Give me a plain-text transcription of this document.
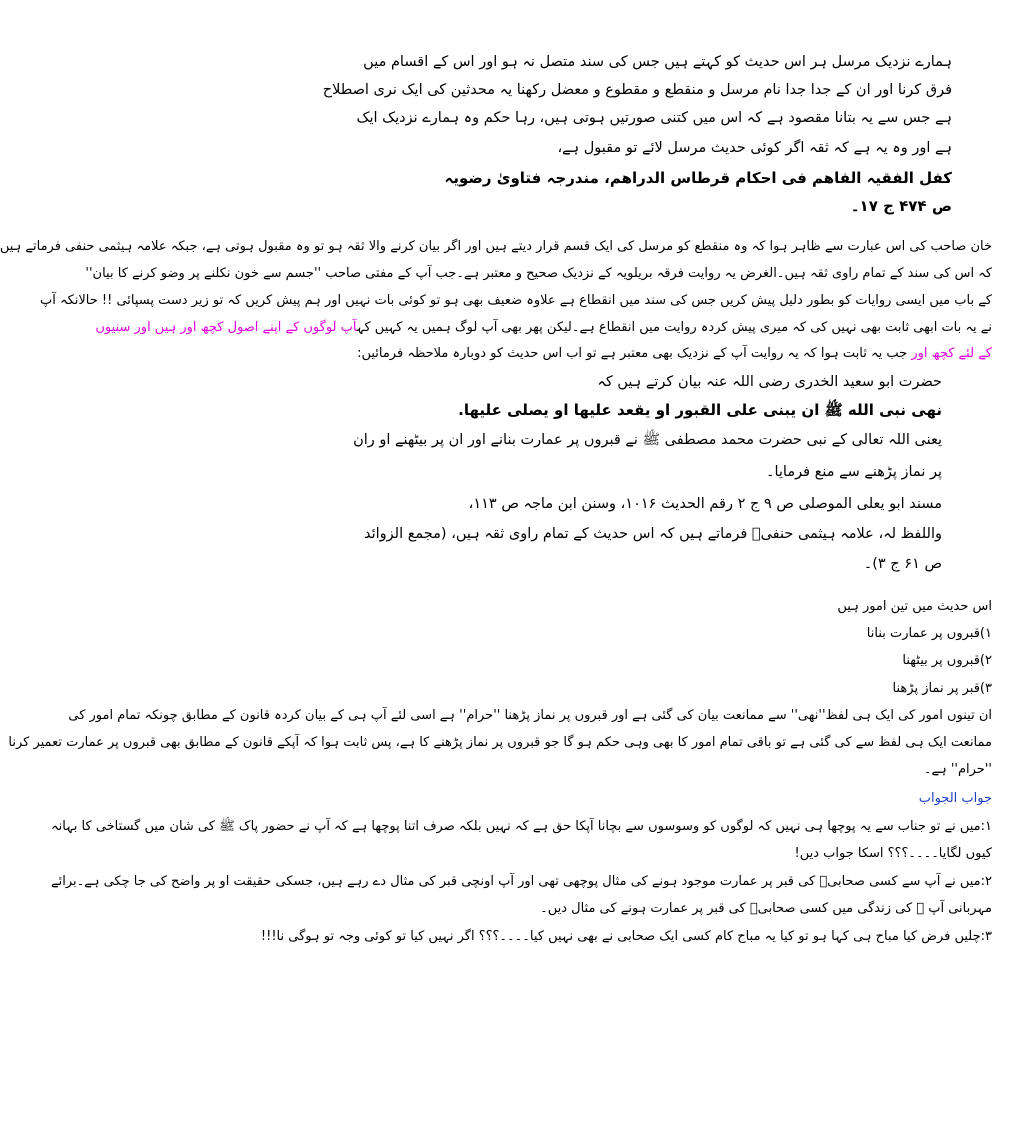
ہمارے نزدیک مرسل ہر اس حدیث کو کہتے ہیں جس کی سند متصل نہ ہو اور اس کے اقسام میں
فرق کرنا اور ان کے جدا جدا نام مرسل و منقطع و مقطوع و معضل رکھنا یہ محدثین کی ایک نری اصطلاح
ہے جس سے یہ بتانا مقصود ہے کہ اس میں کتنی صورتیں ہوتی ہیں، رہا حکم وہ ہمارے نزدیک ایک
ہے اور وہ یہ ہے کہ ثقہ اگر کوئی حدیث مرسل لائے تو مقبول ہے،
کفل الفقیہ الفاهم فی احکام قرطاس الدراهم، مندرجہ فتاویٰ رضویہ
ص ۴۷۴ ج ۱۷۔
خان صاحب کی اس عبارت سے ظاہر ہوا کہ وہ منقطع کو مرسل کی ایک قسم قرار دیتے ہیں اور اگر بیان کرنے والا ثقہ ہو تو وہ مقبول ہوتی ہے، جبکہ علامہ ہیثمی حنفی فرماتے ہیں
کہ اس کی سند کے تمام راوی ثقہ ہیں۔الغرض یہ روایت فرقہ بریلویہ کے نزدیک صحیح و معتبر ہے۔جب آپ کے مفتی صاحب ''جسم سے خون نکلنے پر وضو کرنے کا بیان''
کے باب میں ایسی روایات کو بطور دلیل پیش کریں جس کی سند میں انقطاع ہے علاوہ ضعیف بھی ہو تو کوئی بات نہیں اور ہم پیش کریں کہ تو زیر دست پسپائی !! حالانکہ آپ
نے یہ بات ابھی ثابت بھی نہیں کی کہ میری پیش کردہ روایت میں انقطاع ہے۔لیکن پھر بھی آپ لوگ ہمیں یہ کہیں کہآپ لوگوں کے اپنے اصول کچھ اور ہیں اور سنیوں
کے لئے کچھ اور جب یہ ثابت ہوا کہ یہ روایت آپ کے نزدیک بھی معتبر ہے تو اب اس حدیث کو دوبارہ ملاحظہ فرمائیں:
حضرت ابو سعید الخدری رضی اللہ عنہ بیان کرتے ہیں کہ
نهی نبی الله ﷺ ان یبنی علی القبور او یقعد علیها او یصلی علیها.
یعنی اللہ تعالی کے نبی حضرت محمد مصطفی ﷺ نے قبروں پر عمارت بنانے اور ان پر بیٹھنے او ران
پر نماز پڑھنے سے منع فرمایا۔
مسند ابو یعلی الموصلی ص ۹ ج ۲ رقم الحدیث ۱۰۱۶، وسنن ابن ماجہ ص ۱۱۳،
واللفظ لہ، علامہ ہیثمی حنفیؒ فرماتے ہیں کہ اس حدیث کے تمام راوی ثقہ ہیں، (مجمع الزوائد
ص ۶۱ ج ۳)۔
اس حدیث میں تین امور ہیں
۱)قبروں پر عمارت بنانا
۲)قبروں پر بیٹھنا
۳)قبر پر نماز پڑھنا
ان تینوں امور کی ایک ہی لفظ''نھی'' سے ممانعت بیان کی گئی ہے اور قبروں پر نماز پڑھنا ''حرام'' ہے اسی لئے آپ ہی کے بیان کردہ قانون کے مطابق چونکہ تمام امور کی
ممانعت ایک ہی لفظ سے کی گئی ہے تو باقی تمام امور کا بھی وہی حکم ہو گا جو قبروں پر نماز پڑھنے کا ہے، پس ثابت ہوا کہ آپکے قانون کے مطابق بھی قبروں پر عمارت تعمیر کرنا
''حرام'' ہے۔
جواب الجواب
۱:میں نے تو جناب سے یہ پوچھا ہی نہیں کہ لوگوں کو وسوسوں سے بچانا آپکا حق ہے کہ نہیں بلکہ صرف اتنا پوچھا ہے کہ آپ نے حضور پاک ﷺ کی شان میں گستاخی کا بہانہ
کیوں لگایا۔۔۔۔؟؟؟ اسکا جواب دیں!
۲:میں نے آپ سے کسی صحابیؓ کی قبر پر عمارت موجود ہونے کی مثال پوچھی تھی اور آپ اونچی قبر کی مثال دے رہے ہیں، جسکی حقیقت او پر واضح کی جا چکی ہے۔برائے
مہربانی آپ ﷺ کی زندگی میں کسی صحابیؓ کی قبر پر عمارت ہونے کی مثال دیں۔
۳:چلیں فرض کیا مباح ہی کہا ہو تو کیا یہ مباح کام کسی ایک صحابی نے بھی نہیں کیا۔۔۔۔؟؟؟ اگر نہیں کیا تو کوئی وجہ تو ہوگی نا!!!
